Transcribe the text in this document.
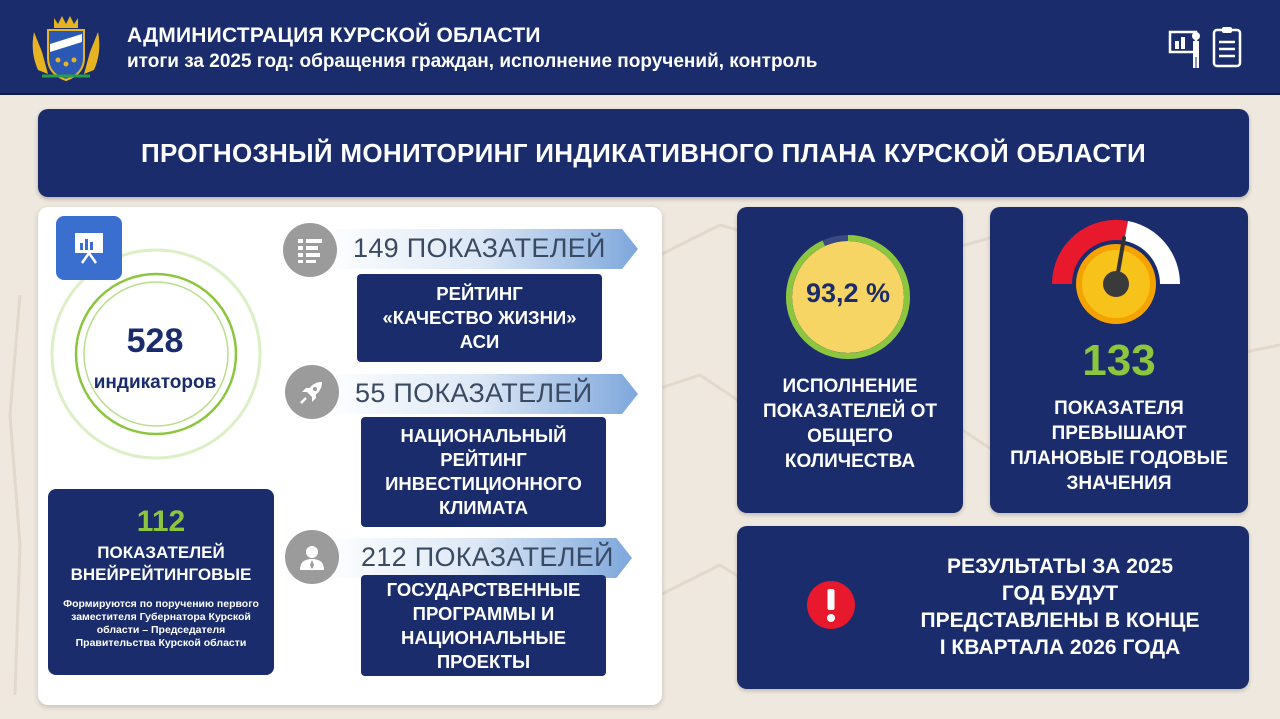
АДМИНИСТРАЦИЯ КУРСКОЙ ОБЛАСТИ
итоги за 2025 год: обращения граждан, исполнение поручений, контроль
ПРОГНОЗНЫЙ МОНИТОРИНГ ИНДИКАТИВНОГО ПЛАНА КУРСКОЙ ОБЛАСТИ
528
индикаторов
112
ПОКАЗАТЕЛЕЙ
ВНЕЙРЕЙТИНГОВЫЕ
Формируются по поручению первого заместителя Губернатора Курской области – Председателя Правительства Курской области
149 ПОКАЗАТЕЛЕЙ
РЕЙТИНГ
«КАЧЕСТВО ЖИЗНИ»
АСИ
55 ПОКАЗАТЕЛЕЙ
НАЦИОНАЛЬНЫЙ
РЕЙТИНГ
ИНВЕСТИЦИОННОГО
КЛИМАТА
212 ПОКАЗАТЕЛЕЙ
ГОСУДАРСТВЕННЫЕ
ПРОГРАММЫ И
НАЦИОНАЛЬНЫЕ
ПРОЕКТЫ
93,2 %
ИСПОЛНЕНИЕ
ПОКАЗАТЕЛЕЙ ОТ
ОБЩЕГО
КОЛИЧЕСТВА
133
ПОКАЗАТЕЛЯ
ПРЕВЫШАЮТ
ПЛАНОВЫЕ ГОДОВЫЕ
ЗНАЧЕНИЯ
РЕЗУЛЬТАТЫ ЗА 2025
ГОД БУДУТ
ПРЕДСТАВЛЕНЫ В КОНЦЕ
I КВАРТАЛА 2026 ГОДА
